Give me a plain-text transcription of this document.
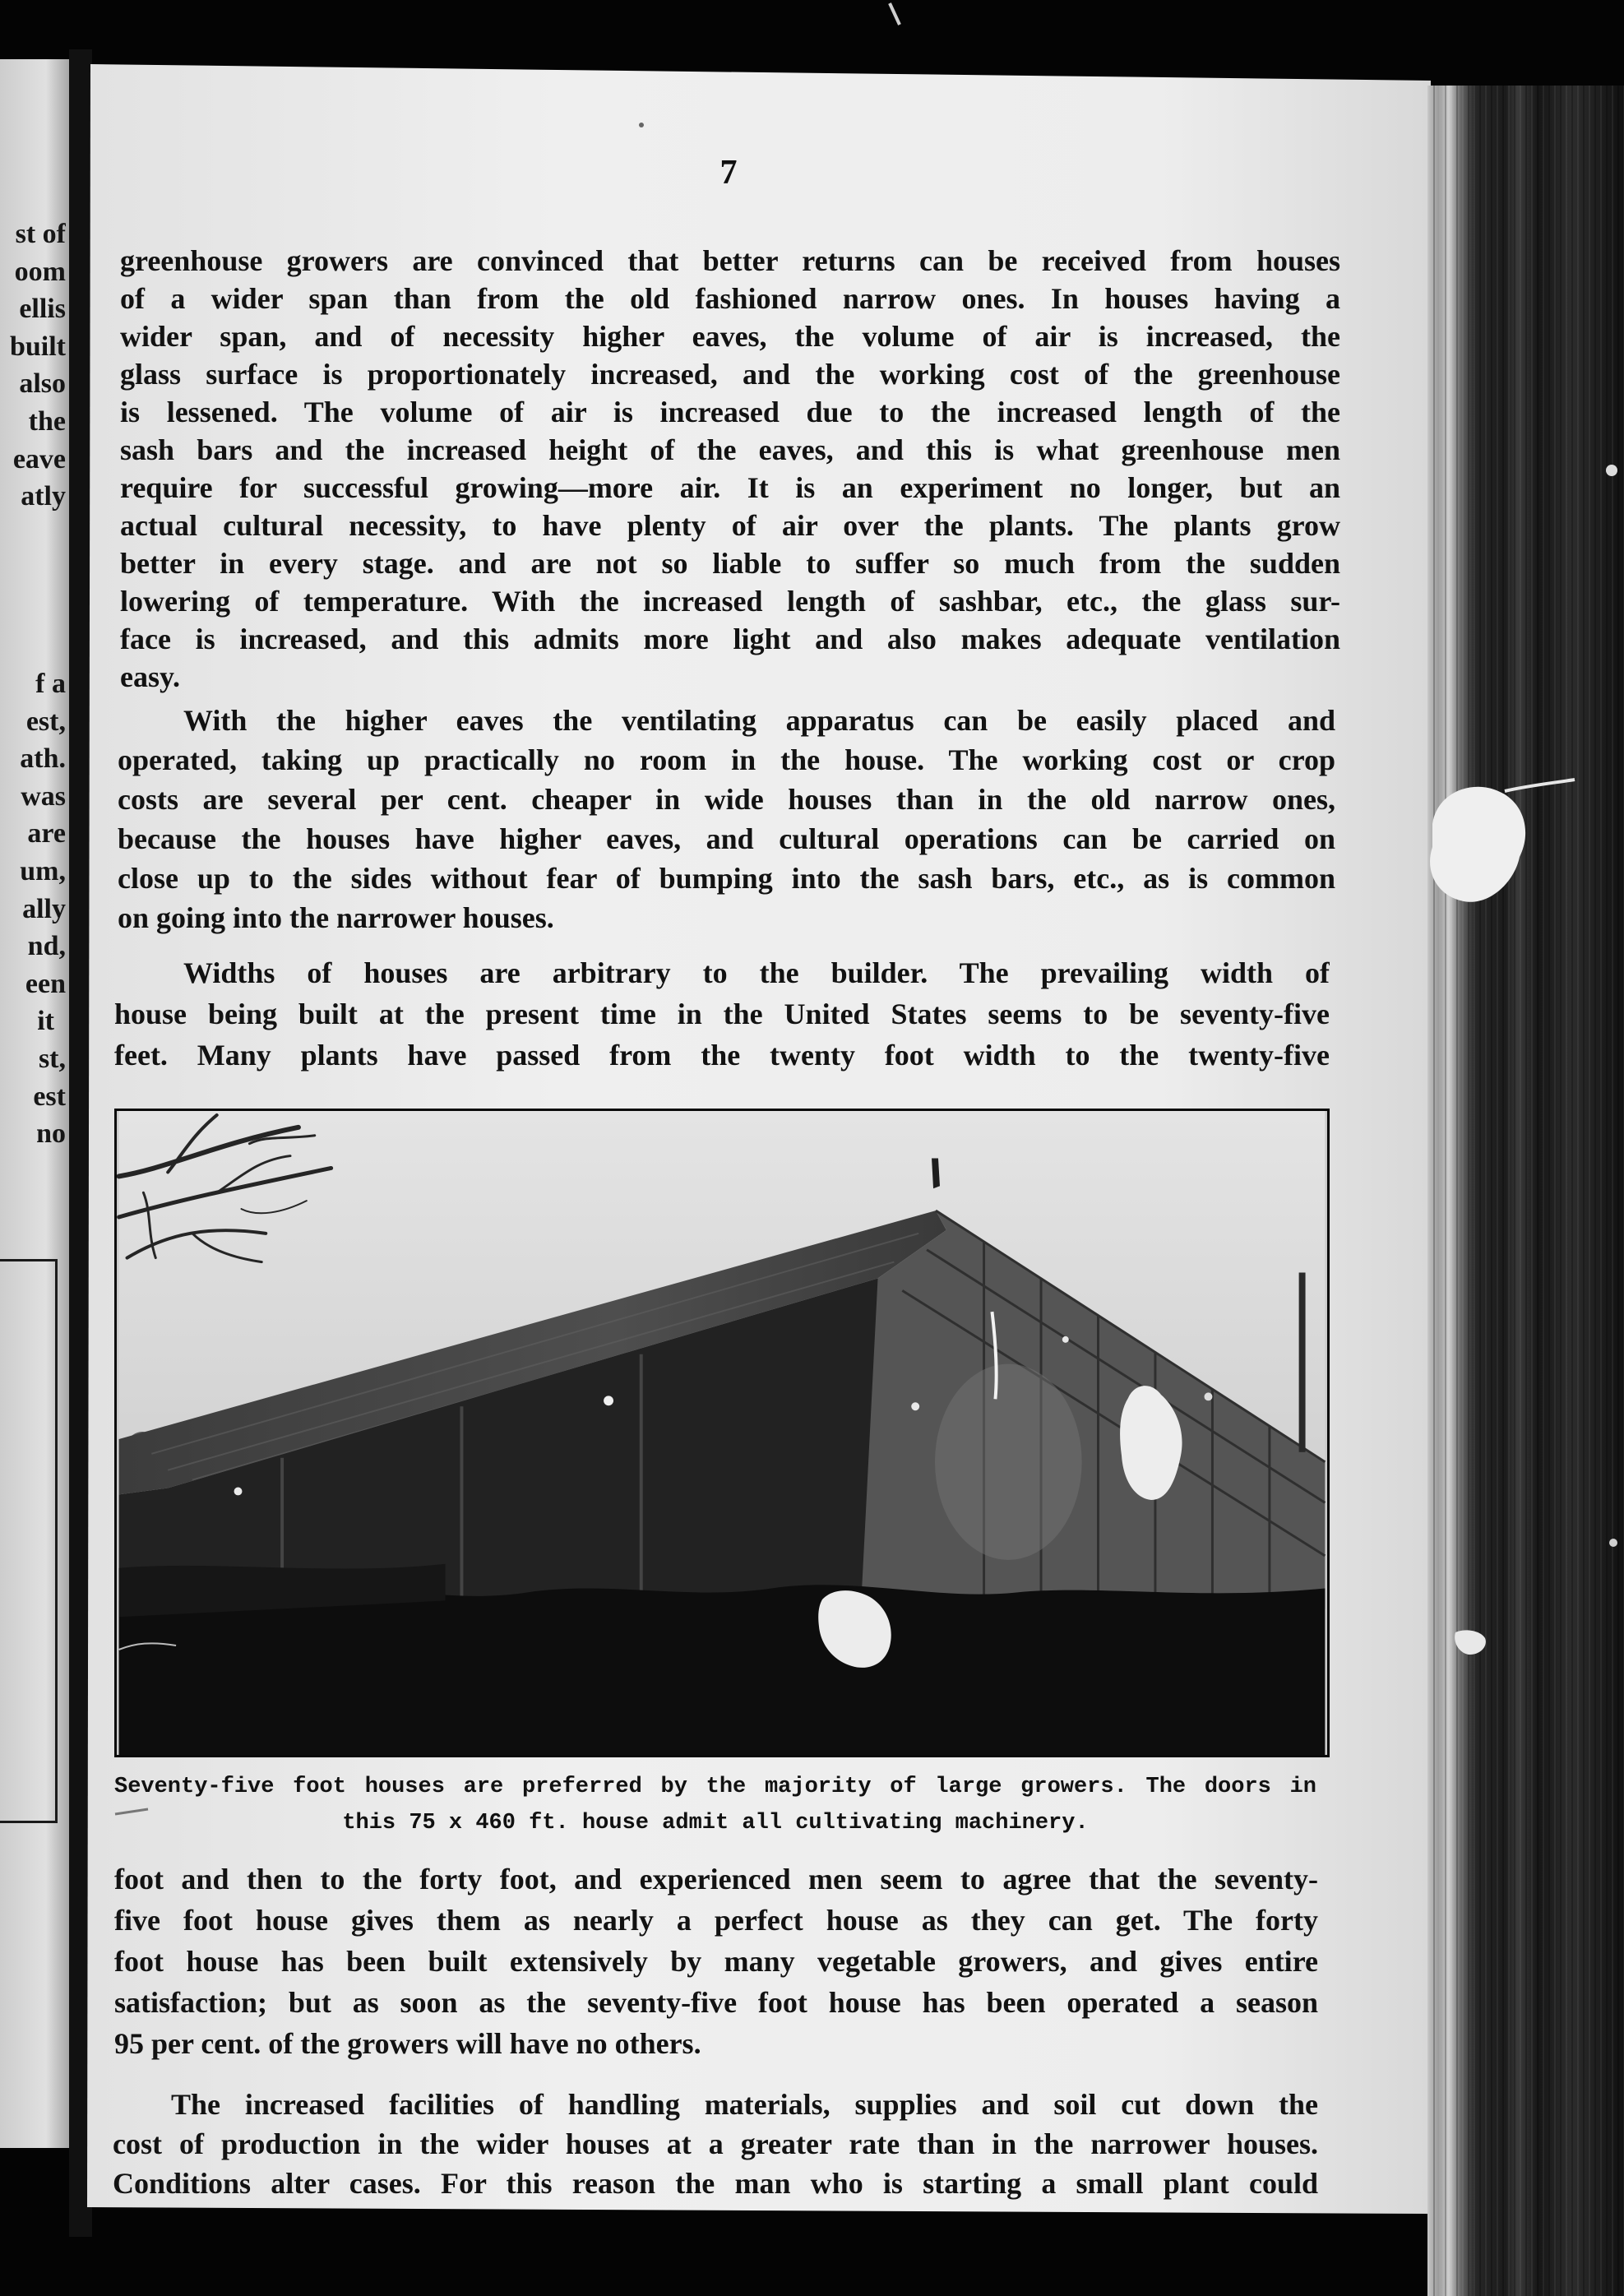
st of
oom
ellis
built
also
the
eave
atly
f a
est,
ath.
was
are
um,
ally
nd,
een
it
st,
est
no
7
greenhouse growers are convinced that better returns can be received from houses
of a wider span than from the old fashioned narrow ones. In houses having a
wider span, and of necessity higher eaves, the volume of air is increased, the
glass surface is proportionately increased, and the working cost of the greenhouse
is lessened. The volume of air is increased due to the increased length of the
sash bars and the increased height of the eaves, and this is what greenhouse men
require for successful growing—more air. It is an experiment no longer, but an
actual cultural necessity, to have plenty of air over the plants. The plants grow
better in every stage. and are not so liable to suffer so much from the sudden
lowering of temperature. With the increased length of sashbar, etc., the glass sur-
face is increased, and this admits more light and also makes adequate ventilation
easy.
With the higher eaves the ventilating apparatus can be easily placed and
operated, taking up practically no room in the house. The working cost or crop
costs are several per cent. cheaper in wide houses than in the old narrow ones,
because the houses have higher eaves, and cultural operations can be carried on
close up to the sides without fear of bumping into the sash bars, etc., as is common
on going into the narrower houses.
Widths of houses are arbitrary to the builder. The prevailing width of
house being built at the present time in the United States seems to be seventy-five
feet. Many plants have passed from the twenty foot width to the twenty-five
Seventy-five foot houses are preferred by the majority of large growers. The doors in
this 75 x 460 ft. house admit all cultivating machinery.
foot and then to the forty foot, and experienced men seem to agree that the seventy-
five foot house gives them as nearly a perfect house as they can get. The forty
foot house has been built extensively by many vegetable growers, and gives entire
satisfaction; but as soon as the seventy-five foot house has been operated a season
95 per cent. of the growers will have no others.
The increased facilities of handling materials, supplies and soil cut down the
cost of production in the wider houses at a greater rate than in the narrower houses.
Conditions alter cases. For this reason the man who is starting a small plant could
